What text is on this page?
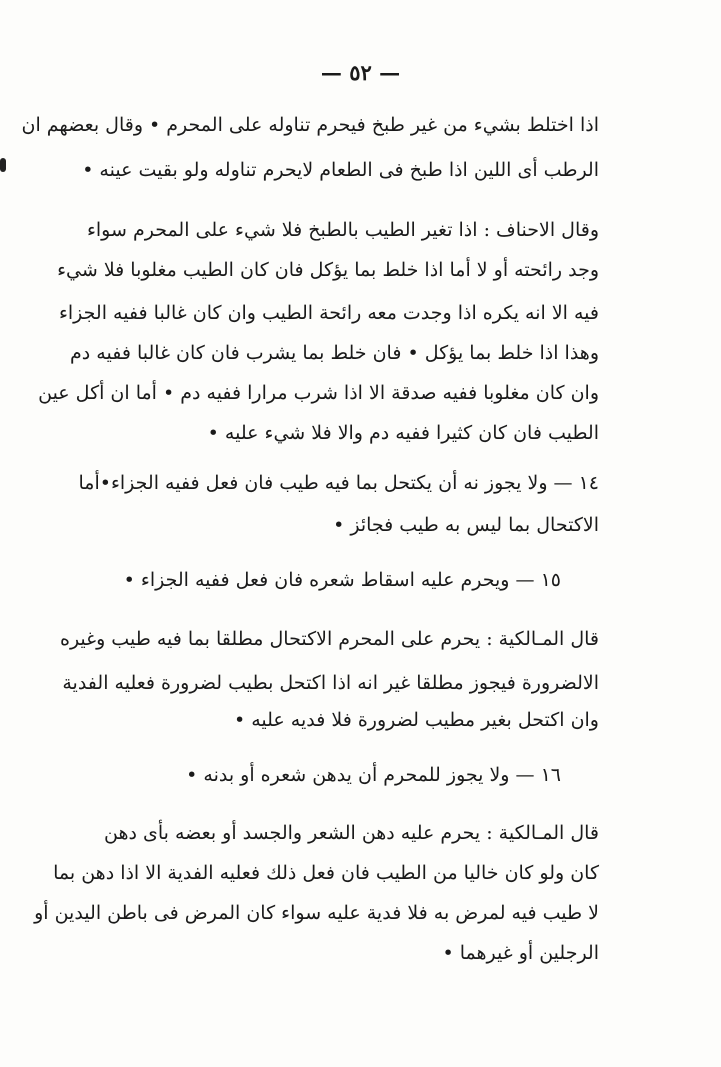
— ٥٢ —
اذا اختلط بشيء من غير طبخ فيحرم تناوله على المحرم • وقال بعضهم ان
الرطب أى اللين اذا طبخ فى الطعام لايحرم تناوله ولو بقيت عينه •
وقال الاحناف : اذا تغير الطيب بالطبخ فلا شيء على المحرم سواء
وجد رائحته أو لا أما اذا خلط بما يؤكل فان كان الطيب مغلوبا فلا شيء
فيه الا انه يكره اذا وجدت معه رائحة الطيب وان كان غالبا ففيه الجزاء
وهذا اذا خلط بما يؤكل • فان خلط بما يشرب فان كان غالبا ففيه دم
وان كان مغلوبا ففيه صدقة الا اذا شرب مرارا ففيه دم • أما ان أكل عين
الطيب فان كان كثيرا ففيه دم والا فلا شيء عليه •
١٤ — ولا يجوز نه أن يكتحل بما فيه طيب فان فعل ففيه الجزاء•أما
الاكتحال بما ليس به طيب فجائز •
١٥ — ويحرم عليه اسقاط شعره فان فعل ففيه الجزاء •
قال المـالكية : يحرم على المحرم الاكتحال مطلقا بما فيه طيب وغيره
الالضرورة فيجوز مطلقا غير انه اذا اكتحل بطيب لضرورة فعليه الفدية
وان اكتحل بغير مطيب لضرورة فلا فديه عليه •
١٦ — ولا يجوز للمحرم أن يدهن شعره أو بدنه •
قال المـالكية : يحرم عليه دهن الشعر والجسد أو بعضه بأى دهن
كان ولو كان خاليا من الطيب فان فعل ذلك فعليه الفدية الا اذا دهن بما
لا طيب فيه لمرض به فلا فدية عليه سواء كان المرض فى باطن اليدين أو
الرجلين أو غيرهما •
